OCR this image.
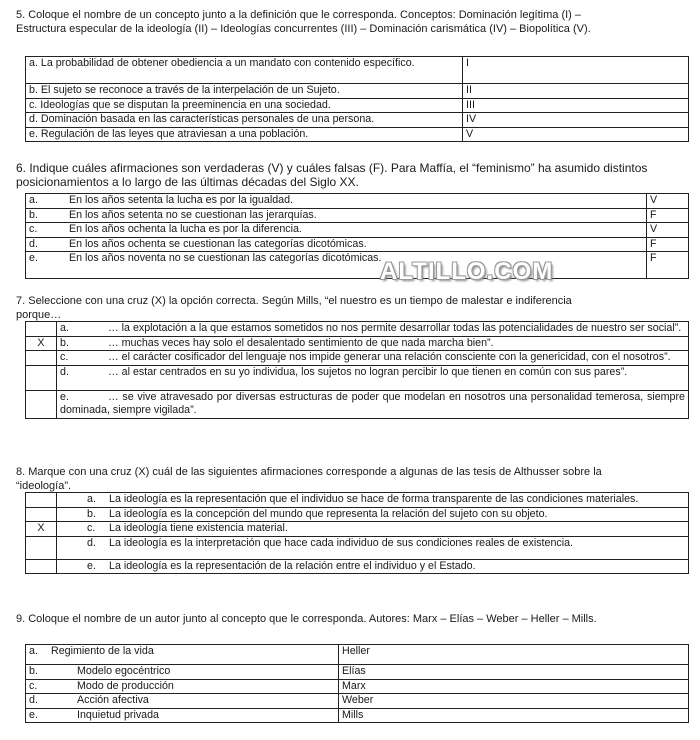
5. Coloque el nombre de un concepto junto a la definición que le corresponda. Conceptos: Dominación legítima (I) – Estructura especular de la ideología (II) – Ideologías concurrentes (III) – Dominación carismática (IV) – Biopolítica (V).
a. La probabilidad de obtener obediencia a un mandato con contenido específico.	I
b. El sujeto se reconoce a través de la interpelación de un Sujeto.	II
c. Ideologías que se disputan la preeminencia en una sociedad.	III
d. Dominación basada en las características personales de una persona.	IV
e. Regulación de las leyes que atraviesan a una población.	V
6. Indique cuáles afirmaciones son verdaderas (V) y cuáles falsas (F). Para Maffía, el “feminismo” ha asumido distintos posicionamientos a lo largo de las últimas décadas del Siglo XX.
a. En los años setenta la lucha es por la igualdad.	V
b. En los años setenta no se cuestionan las jerarquías.	F
c. En los años ochenta la lucha es por la diferencia.	V
d. En los años ochenta se cuestionan las categorías dicotómicas.	F
e. En los años noventa no se cuestionan las categorías dicotómicas.	F
ALTILLO.COM
7. Seleccione con una cruz (X) la opción correcta. Según Mills, “el nuestro es un tiempo de malestar e indiferencia porque…
	a. … la explotación a la que estamos sometidos no nos permite desarrollar todas las potencialidades de nuestro ser social”.
X	b. … muchas veces hay solo el desalentado sentimiento de que nada marcha bien”.
	c. … el carácter cosificador del lenguaje nos impide generar una relación consciente con la genericidad, con el nosotros”.
	d. … al estar centrados en su yo individua, los sujetos no logran percibir lo que tienen en común con sus pares”.
	e. … se vive atravesado por diversas estructuras de poder que modelan en nosotros una personalidad temerosa, siempre dominada, siempre vigilada”.
8. Marque con una cruz (X) cuál de las siguientes afirmaciones corresponde a algunas de las tesis de Althusser sobre la “ideología”.
	a. La ideología es la representación que el individuo se hace de forma transparente de las condiciones materiales.
	b. La ideología es la concepción del mundo que representa la relación del sujeto con su objeto.
X	c. La ideología tiene existencia material.
	d. La ideología es la interpretación que hace cada individuo de sus condiciones reales de existencia.
	e. La ideología es la representación de la relación entre el individuo y el Estado.
9. Coloque el nombre de un autor junto al concepto que le corresponda. Autores: Marx – Elías – Weber – Heller – Mills.
a. Regimiento de la vida	Heller
b. Modelo egocéntrico	Elías
c. Modo de producción	Marx
d. Acción afectiva	Weber
e. Inquietud privada	Mills
